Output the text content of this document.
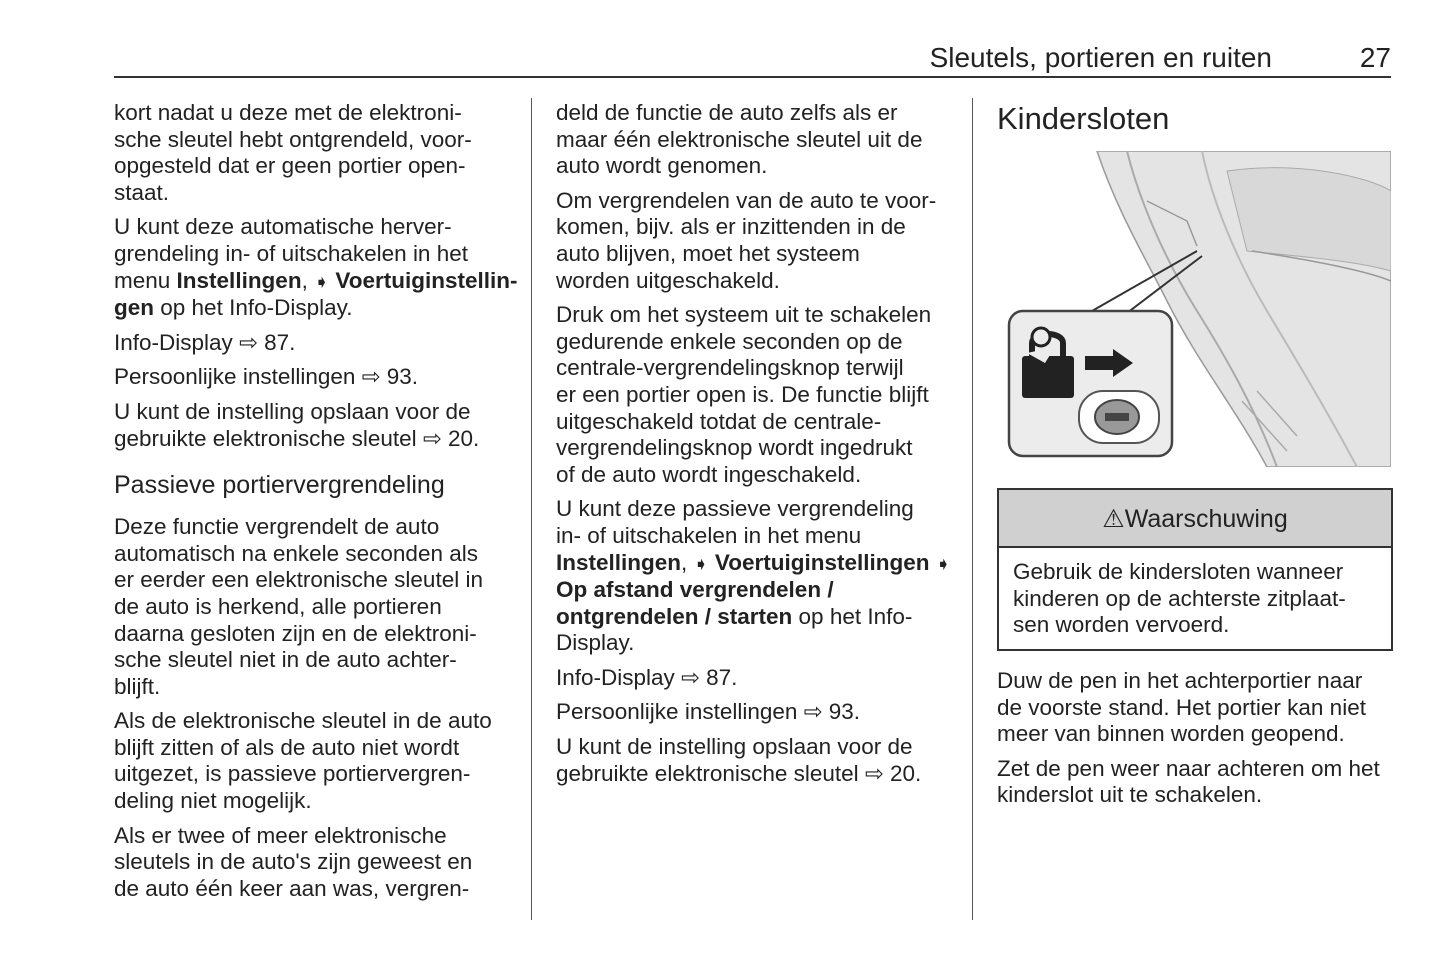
Sleutels, portieren en ruiten	27

kort nadat u deze met de elektroni-
sche sleutel hebt ontgrendeld, voor-
opgesteld dat er geen portier open-
staat.

U kunt deze automatische herver-
grendeling in- of uitschakelen in het
menu Instellingen, ➧ Voertuiginstellin-
gen op het Info-Display.

Info-Display ⇨ 87.

Persoonlijke instellingen ⇨ 93.

U kunt de instelling opslaan voor de
gebruikte elektronische sleutel ⇨ 20.

Passieve portiervergrendeling

Deze functie vergrendelt de auto
automatisch na enkele seconden als
er eerder een elektronische sleutel in
de auto is herkend, alle portieren
daarna gesloten zijn en de elektroni-
sche sleutel niet in de auto achter-
blijft.

Als de elektronische sleutel in de auto
blijft zitten of als de auto niet wordt
uitgezet, is passieve portiervergren-
deling niet mogelijk.

Als er twee of meer elektronische
sleutels in de auto's zijn geweest en
de auto één keer aan was, vergren-

deld de functie de auto zelfs als er
maar één elektronische sleutel uit de
auto wordt genomen.

Om vergrendelen van de auto te voor-
komen, bijv. als er inzittenden in de
auto blijven, moet het systeem
worden uitgeschakeld.

Druk om het systeem uit te schakelen
gedurende enkele seconden op de
centrale-vergrendelingsknop terwijl
er een portier open is. De functie blijft
uitgeschakeld totdat de centrale-
vergrendelingsknop wordt ingedrukt
of de auto wordt ingeschakeld.

U kunt deze passieve vergrendeling
in- of uitschakelen in het menu
Instellingen, ➧ Voertuiginstellingen ➧
Op afstand vergrendelen /
ontgrendelen / starten op het Info-
Display.

Info-Display ⇨ 87.

Persoonlijke instellingen ⇨ 93.

U kunt de instelling opslaan voor de
gebruikte elektronische sleutel ⇨ 20.

Kindersloten
⚠Waarschuwing
Gebruik de kindersloten wanneer
kinderen op de achterste zitplaat-
sen worden vervoerd.

Duw de pen in het achterportier naar
de voorste stand. Het portier kan niet
meer van binnen worden geopend.

Zet de pen weer naar achteren om het
kinderslot uit te schakelen.
